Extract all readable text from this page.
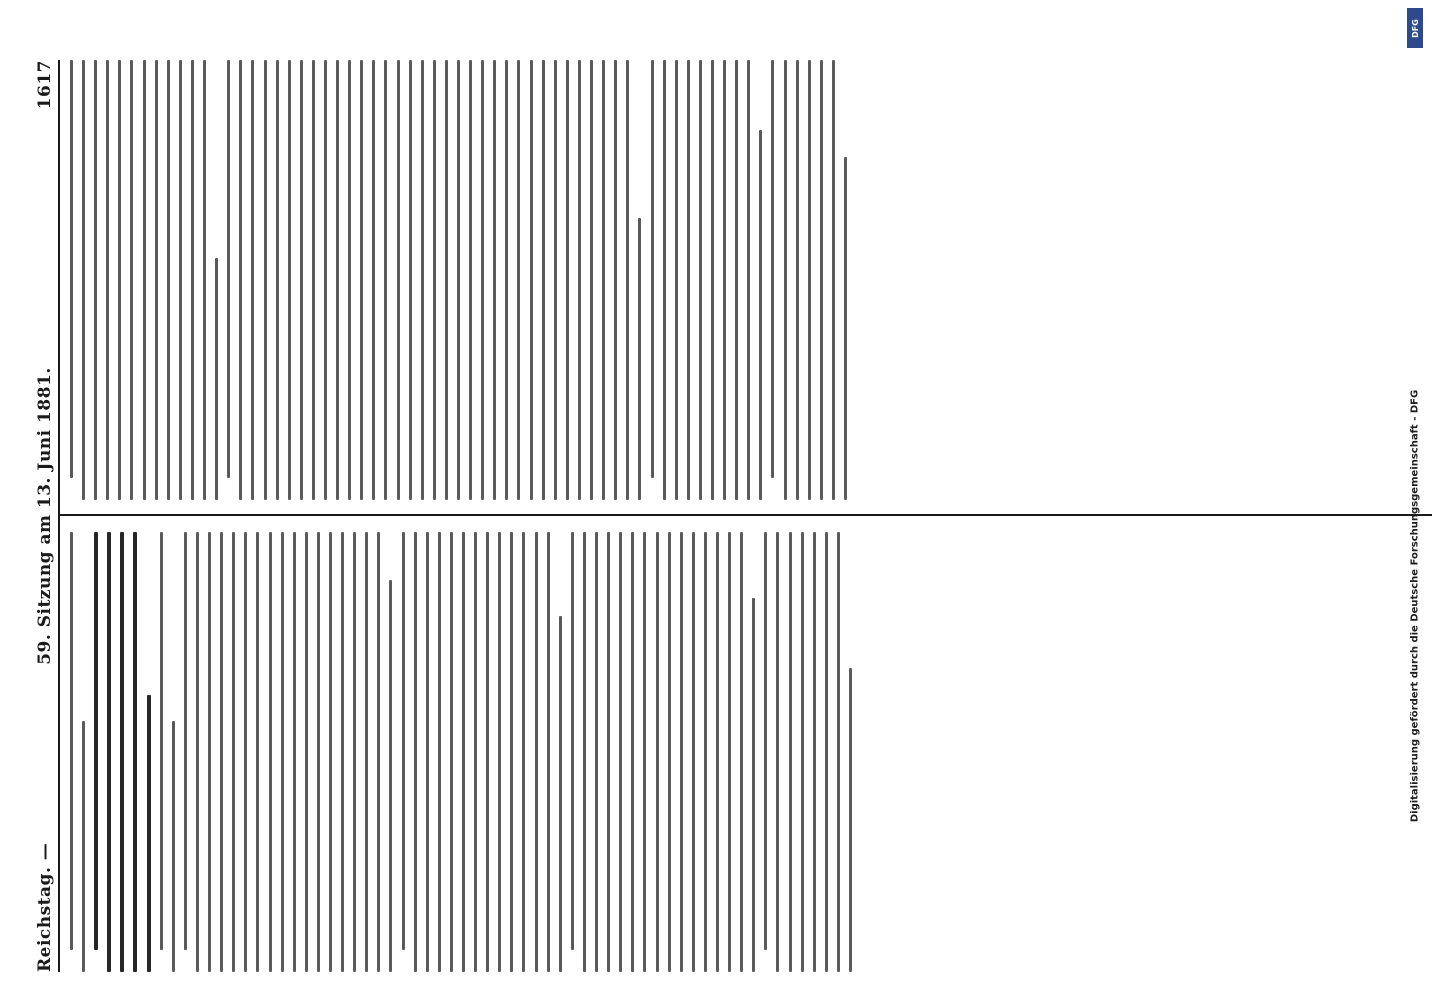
Reichstag. —
59. Sitzung am 13. Juni 1881.
1617
DFG
Digitalisierung gefördert durch die Deutsche Forschungsgemeinschaft - DFG
